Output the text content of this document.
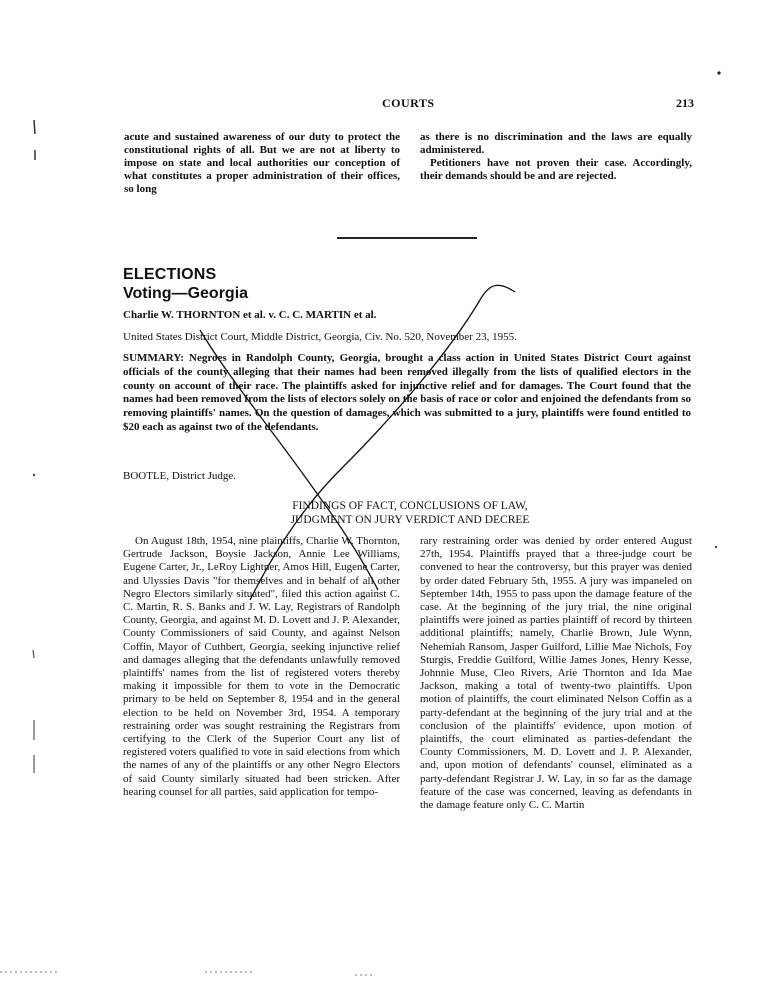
COURTS	213
acute and sustained awareness of our duty to protect the constitutional rights of all. But we are not at liberty to impose on state and local authorities our conception of what constitutes a proper administration of their offices, so long

as there is no discrimination and the laws are equally administered.

Petitioners have not proven their case. Accordingly, their demands should be and are rejected.

ELECTIONS
Voting—Georgia
Charlie W. THORNTON et al. v. C. C. MARTIN et al.
United States District Court, Middle District, Georgia, Civ. No. 520, November 23, 1955.
SUMMARY: Negroes in Randolph County, Georgia, brought a class action in United States District Court against officials of the county alleging that their names had been removed illegally from the lists of qualified electors in the county on account of their race. The plaintiffs asked for injunctive relief and for damages. The Court found that the names had been removed from the lists of electors solely on the basis of race or color and enjoined the defendants from so removing plaintiffs' names. On the question of damages, which was submitted to a jury, plaintiffs were found entitled to $20 each as against two of the defendants.
BOOTLE, District Judge.
FINDINGS OF FACT, CONCLUSIONS OF LAW,
JUDGMENT ON JURY VERDICT AND DECREE

On August 18th, 1954, nine plaintiffs, Charlie W. Thornton, Gertrude Jackson, Boysie Jackson, Annie Lee Williams, Eugene Carter, Jr., LeRoy Lightner, Amos Hill, Eugene Carter, and Ulyssies Davis "for themselves and in behalf of all other Negro Electors similarly situated", filed this action against C. C. Martin, R. S. Banks and J. W. Lay, Registrars of Randolph County, Georgia, and against M. D. Lovett and J. P. Alexander, County Commissioners of said County, and against Nelson Coffin, Mayor of Cuthbert, Georgia, seeking injunctive relief and damages alleging that the defendants unlawfully removed plaintiffs' names from the list of registered voters thereby making it impossible for them to vote in the Democratic primary to be held on September 8, 1954 and in the general election to be held on November 3rd, 1954. A temporary restraining order was sought restraining the Registrars from certifying to the Clerk of the Superior Court any list of registered voters qualified to vote in said elections from which the names of any of the plaintiffs or any other Negro Electors of said County similarly situated had been stricken. After hearing counsel for all parties, said application for tempo-

rary restraining order was denied by order entered August 27th, 1954. Plaintiffs prayed that a three-judge court be convened to hear the controversy, but this prayer was denied by order dated February 5th, 1955. A jury was impaneled on September 14th, 1955 to pass upon the damage feature of the case. At the beginning of the jury trial, the nine original plaintiffs were joined as parties plaintiff of record by thirteen additional plaintiffs; namely, Charlie Brown, Jule Wynn, Nehemiah Ransom, Jasper Guilford, Lillie Mae Nichols, Foy Sturgis, Freddie Guilford, Willie James Jones, Henry Kesse, Johnnie Muse, Cleo Rivers, Arie Thornton and Ida Mae Jackson, making a total of twenty-two plaintiffs. Upon motion of plaintiffs, the court eliminated Nelson Coffin as a party-defendant at the beginning of the jury trial and at the conclusion of the plaintiffs' evidence, upon motion of plaintiffs, the court eliminated as parties-defendant the County Commissioners, M. D. Lovett and J. P. Alexander, and, upon motion of defendants' counsel, eliminated as a party-defendant Registrar J. W. Lay, in so far as the damage feature of the case was concerned, leaving as defendants in the damage feature only C. C. Martin
